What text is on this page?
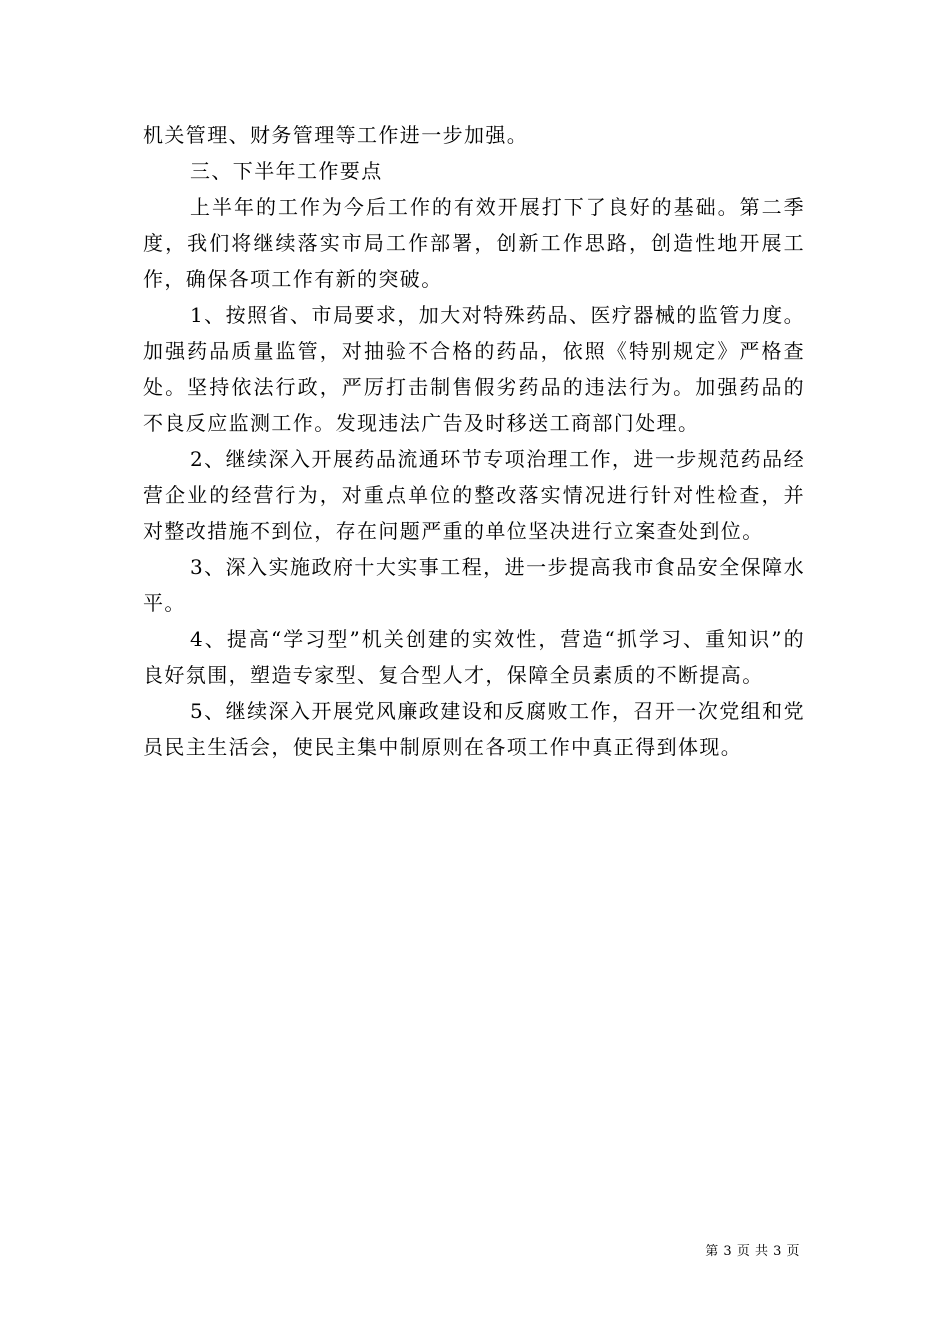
机关管理、财务管理等工作进一步加强。

三、下半年工作要点

上半年的工作为今后工作的有效开展打下了良好的基础。第二季度，我们将继续落实市局工作部署，创新工作思路，创造性地开展工作，确保各项工作有新的突破。

1、按照省、市局要求，加大对特殊药品、医疗器械的监管力度。加强药品质量监管，对抽验不合格的药品，依照《特别规定》严格查处。坚持依法行政，严厉打击制售假劣药品的违法行为。加强药品的不良反应监测工作。发现违法广告及时移送工商部门处理。

2、继续深入开展药品流通环节专项治理工作，进一步规范药品经营企业的经营行为，对重点单位的整改落实情况进行针对性检查，并对整改措施不到位，存在问题严重的单位坚决进行立案查处到位。

3、深入实施政府十大实事工程，进一步提高我市食品安全保障水平。

4、提高“学习型”机关创建的实效性，营造“抓学习、重知识”的良好氛围，塑造专家型、复合型人才，保障全员素质的不断提高。

5、继续深入开展党风廉政建设和反腐败工作，召开一次党组和党员民主生活会，使民主集中制原则在各项工作中真正得到体现。

第 3 页 共 3 页
